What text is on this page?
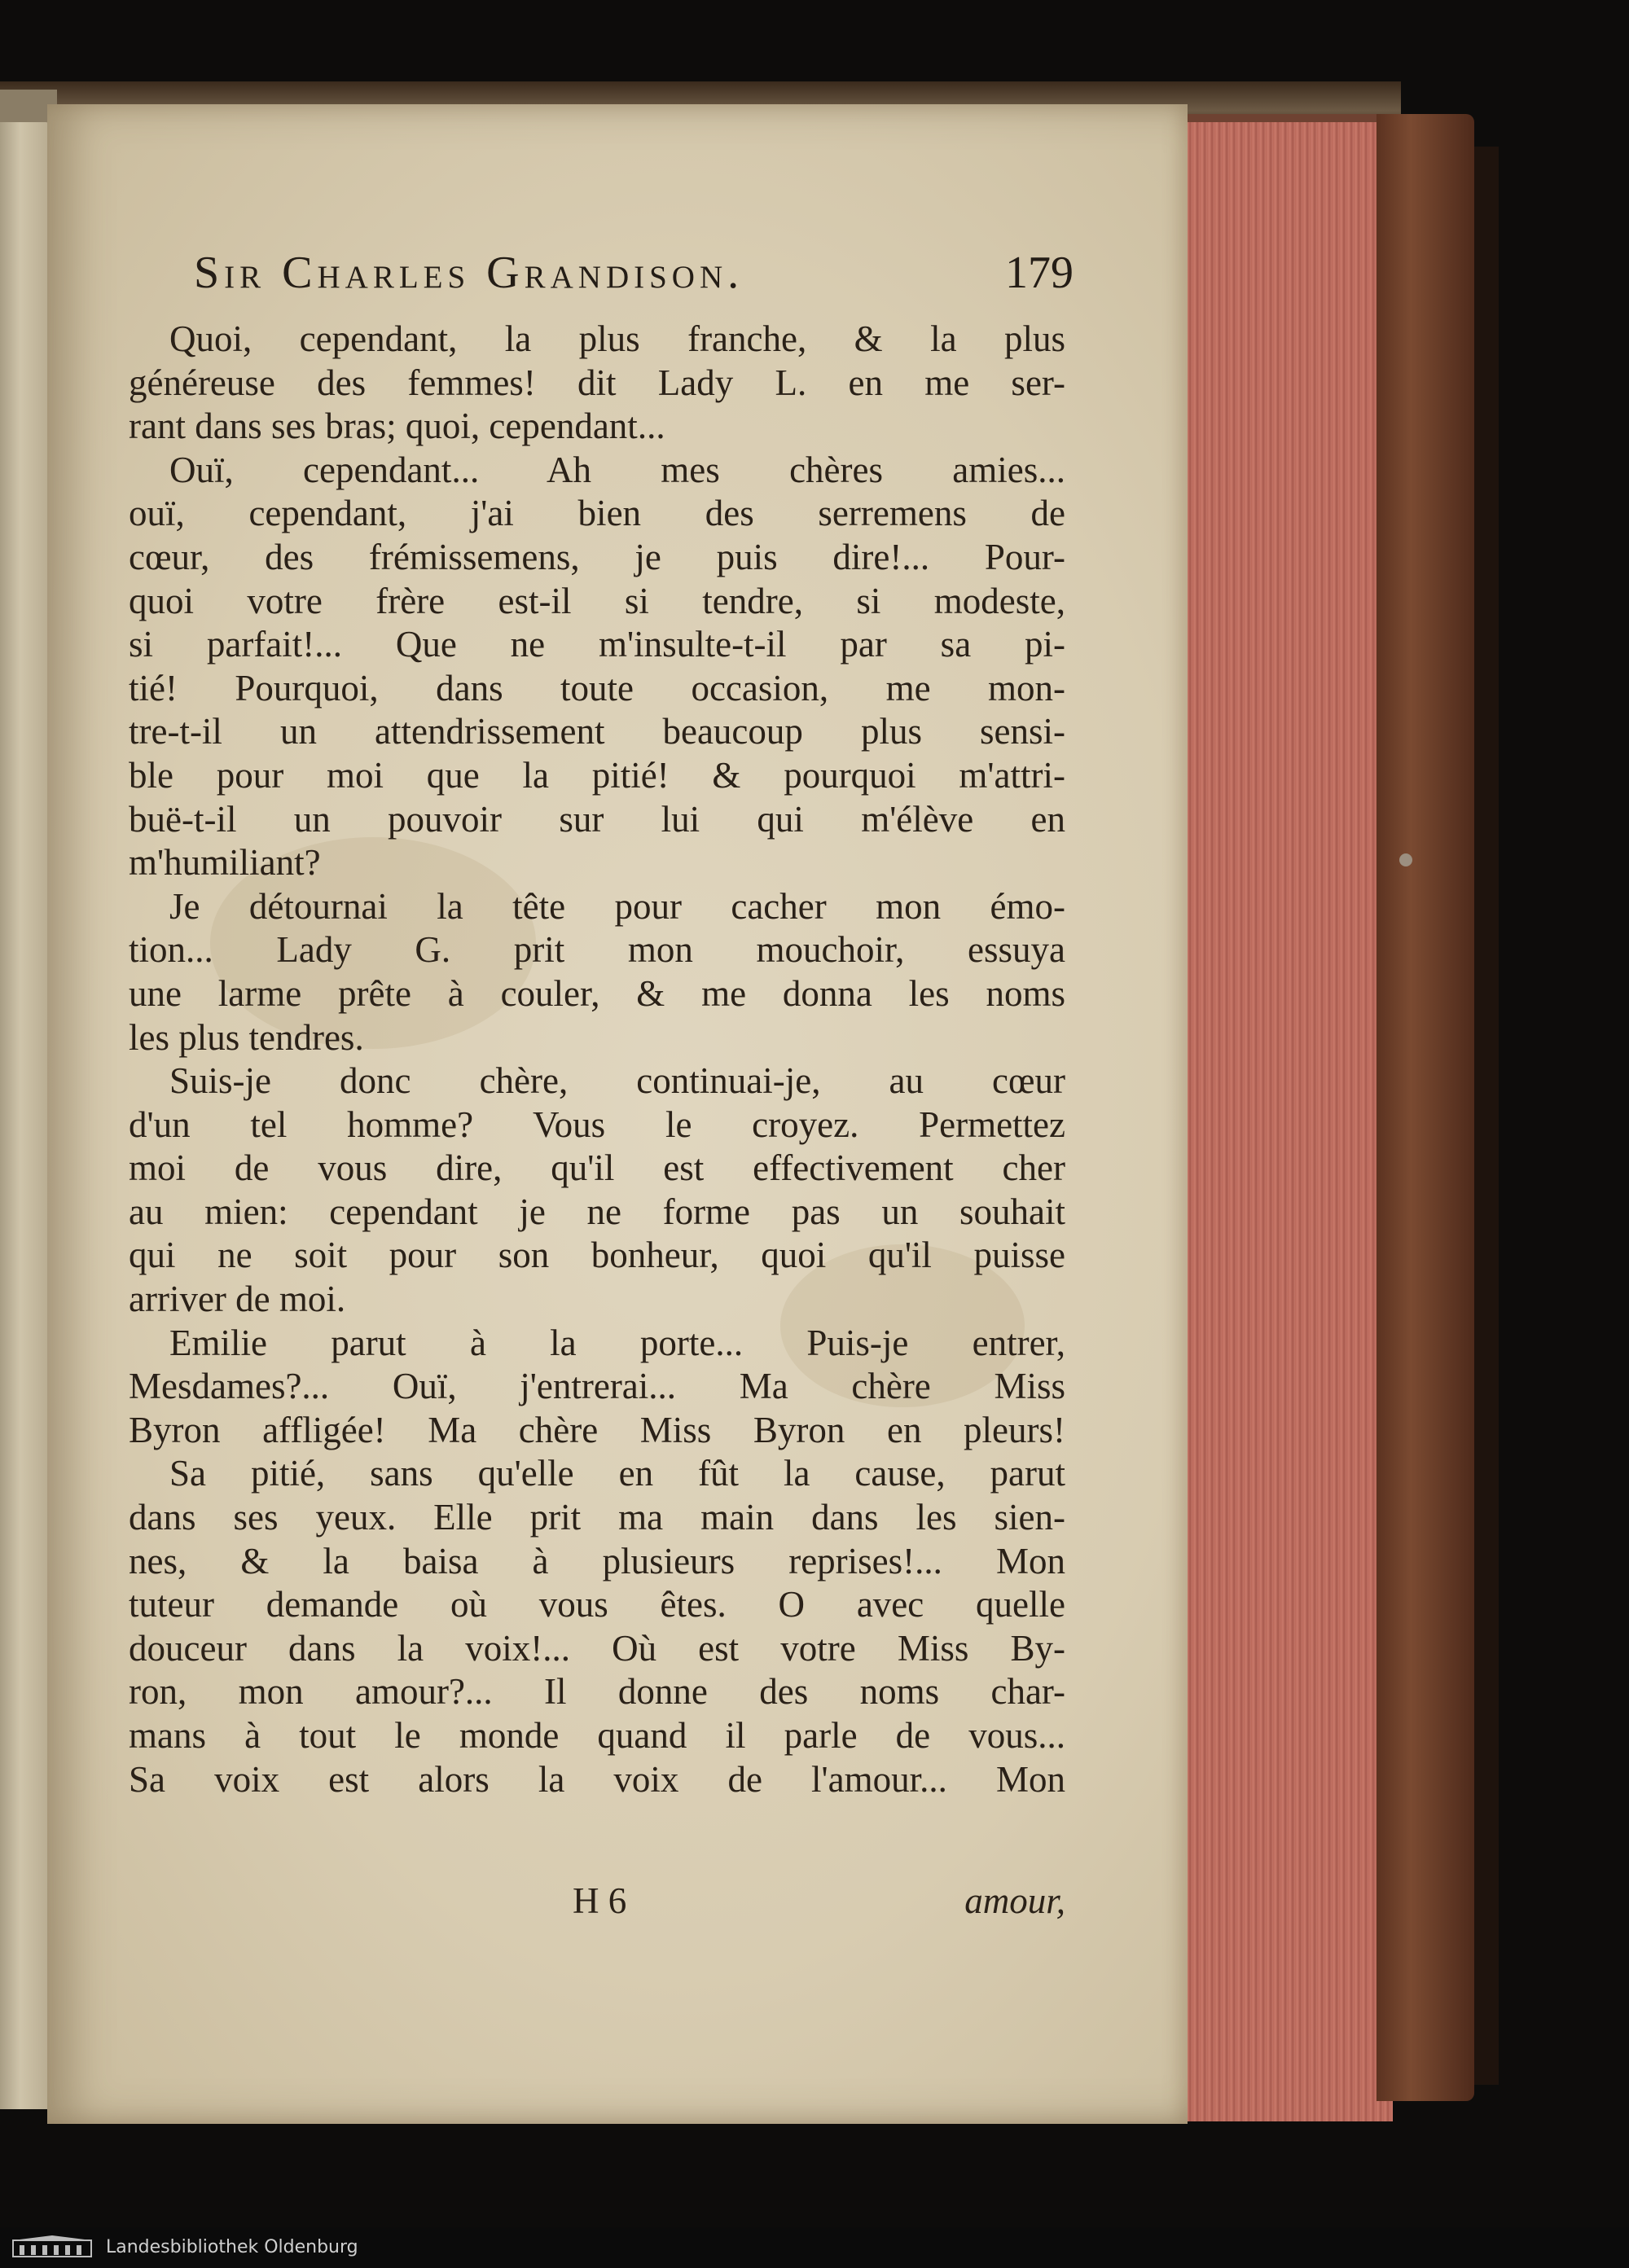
Sir Charles Grandison.	179
Quoi, cependant, la plus franche, & la plus
généreuse des femmes! dit Lady L. en me ser-
rant dans ses bras; quoi, cependant...
Ouï, cependant... Ah mes chères amies...
ouï, cependant, j'ai bien des serremens de
cœur, des frémissemens, je puis dire!... Pour-
quoi votre frère est-il si tendre, si modeste,
si parfait!... Que ne m'insulte-t-il par sa pi-
tié! Pourquoi, dans toute occasion, me mon-
tre-t-il un attendrissement beaucoup plus sensi-
ble pour moi que la pitié! & pourquoi m'attri-
buë-t-il un pouvoir sur lui qui m'élève en
m'humiliant?
Je détournai la tête pour cacher mon émo-
tion... Lady G. prit mon mouchoir, essuya
une larme prête à couler, & me donna les noms
les plus tendres.
Suis-je donc chère, continuai-je, au cœur
d'un tel homme? Vous le croyez. Permettez
moi de vous dire, qu'il est effectivement cher
au mien: cependant je ne forme pas un souhait
qui ne soit pour son bonheur, quoi qu'il puisse
arriver de moi.
Emilie parut à la porte... Puis-je entrer,
Mesdames?... Ouï, j'entrerai... Ma chère Miss
Byron affligée! Ma chère Miss Byron en pleurs!
Sa pitié, sans qu'elle en fût la cause, parut
dans ses yeux. Elle prit ma main dans les sien-
nes, & la baisa à plusieurs reprises!... Mon
tuteur demande où vous êtes. O avec quelle
douceur dans la voix!... Où est votre Miss By-
ron, mon amour?... Il donne des noms char-
mans à tout le monde quand il parle de vous...
Sa voix est alors la voix de l'amour... Mon
H 6	amour,
Landesbibliothek Oldenburg
